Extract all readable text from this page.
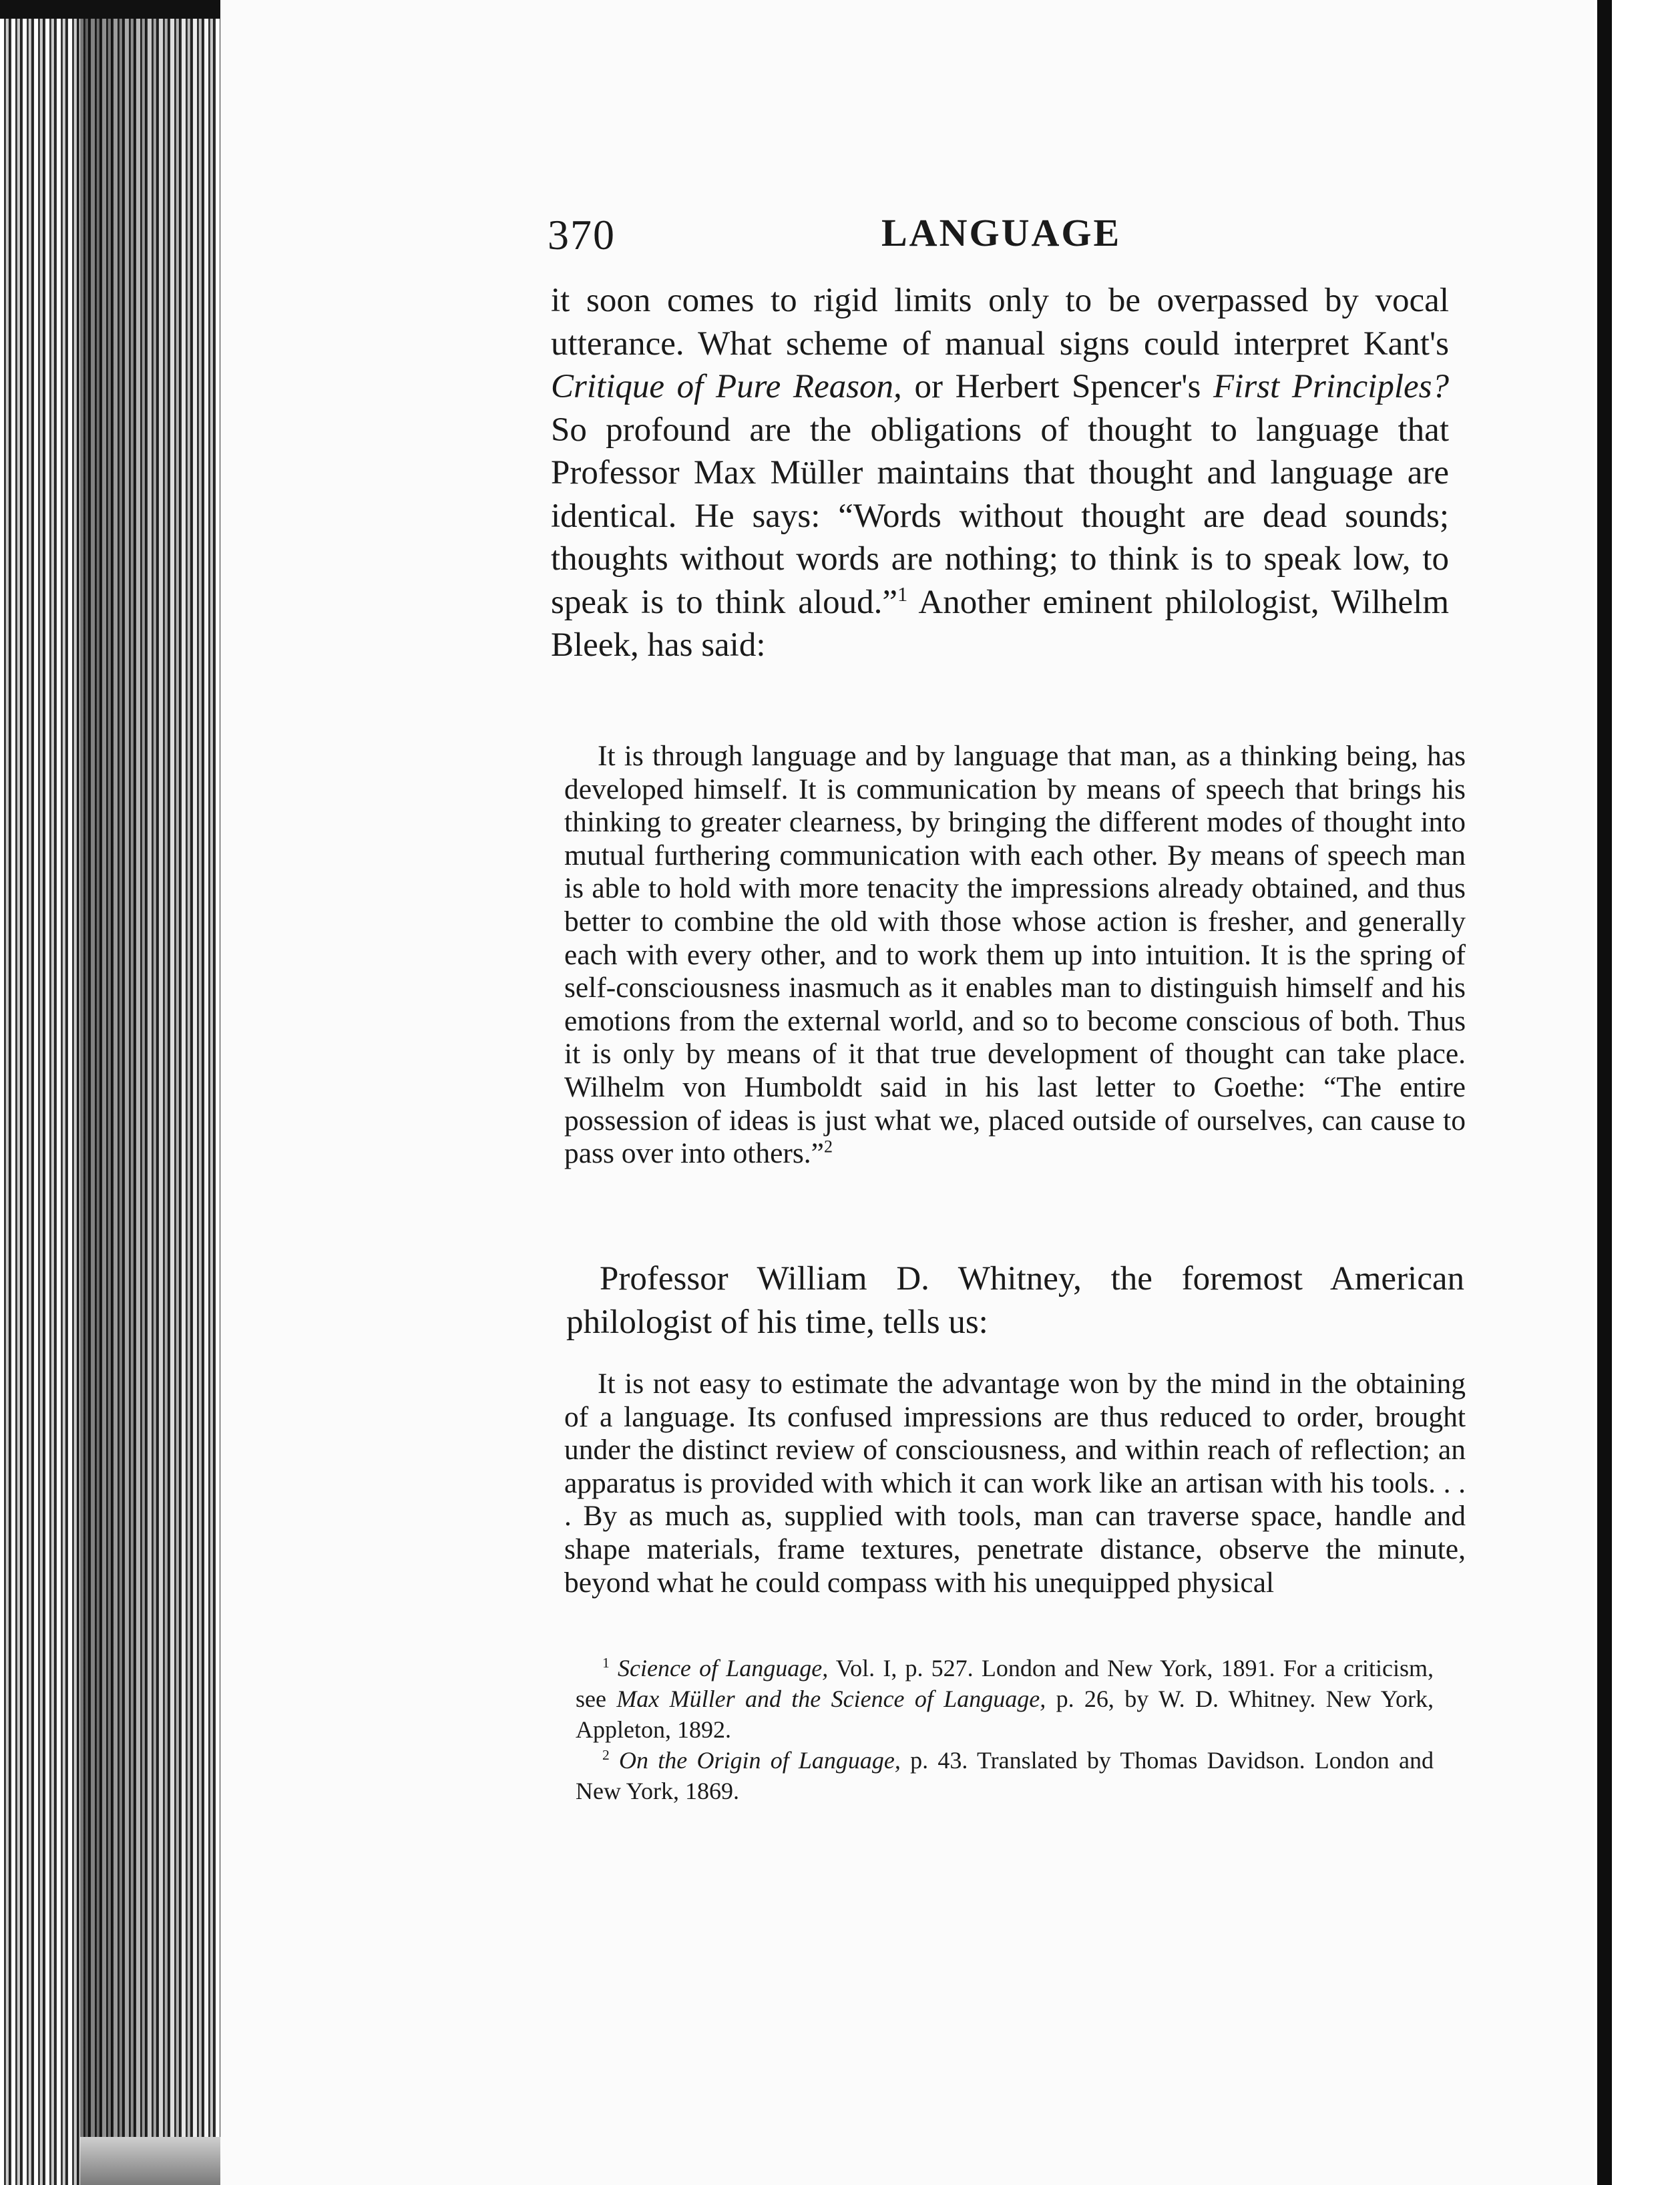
370	LANGUAGE

it soon comes to rigid limits only to be overpassed by vocal utterance. What scheme of manual signs could interpret Kant's Critique of Pure Reason, or Herbert Spencer's First Principles? So profound are the obligations of thought to language that Professor Max Müller maintains that thought and language are identical. He says: “Words without thought are dead sounds; thoughts without words are nothing; to think is to speak low, to speak is to think aloud.”$^1$ Another eminent philologist, Wilhelm Bleek, has said:

It is through language and by language that man, as a thinking being, has developed himself. It is communication by means of speech that brings his thinking to greater clearness, by bringing the different modes of thought into mutual furthering communication with each other. By means of speech man is able to hold with more tenacity the impressions already obtained, and thus better to combine the old with those whose action is fresher, and generally each with every other, and to work them up into intuition. It is the spring of self-consciousness inasmuch as it enables man to distinguish himself and his emotions from the external world, and so to become conscious of both. Thus it is only by means of it that true development of thought can take place. Wilhelm von Humboldt said in his last letter to Goethe: “The entire possession of ideas is just what we, placed outside of ourselves, can cause to pass over into others.”$^2$

Professor William D. Whitney, the foremost American philologist of his time, tells us:

It is not easy to estimate the advantage won by the mind in the obtaining of a language. Its confused impressions are thus reduced to order, brought under the distinct review of consciousness, and within reach of reflection; an apparatus is provided with which it can work like an artisan with his tools. . . . By as much as, supplied with tools, man can traverse space, handle and shape materials, frame textures, penetrate distance, observe the minute, beyond what he could compass with his unequipped physical

$^1$ Science of Language, Vol. I, p. 527. London and New York, 1891. For a criticism, see Max Müller and the Science of Language, p. 26, by W. D. Whitney. New York, Appleton, 1892.

$^2$ On the Origin of Language, p. 43. Translated by Thomas Davidson. London and New York, 1869.
